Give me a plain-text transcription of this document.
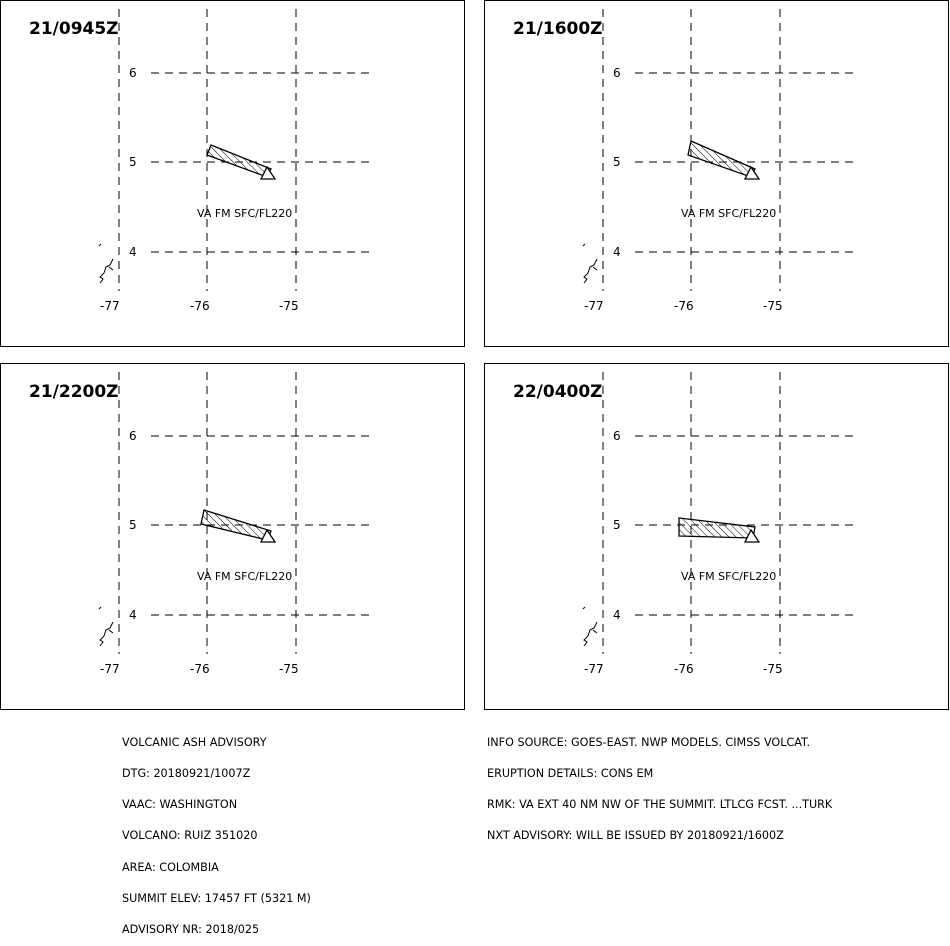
21/0945Z
6
5
4
-77	-76	-75
VA FM SFC/FL220
21/1600Z
6
5
4
-77	-76	-75
VA FM SFC/FL220
21/2200Z
6
5
4
-77	-76	-75
VA FM SFC/FL220
22/0400Z
6
5
4
-77	-76	-75
VA FM SFC/FL220

VOLCANIC ASH ADVISORY

DTG: 20180921/1007Z

VAAC: WASHINGTON

VOLCANO: RUIZ 351020

AREA: COLOMBIA

SUMMIT ELEV: 17457 FT (5321 M)

ADVISORY NR: 2018/025

INFO SOURCE: GOES-EAST. NWP MODELS. CIMSS VOLCAT.

ERUPTION DETAILS: CONS EM

RMK: VA EXT 40 NM NW OF THE SUMMIT. LTLCG FCST. ...TURK

NXT ADVISORY: WILL BE ISSUED BY 20180921/1600Z
